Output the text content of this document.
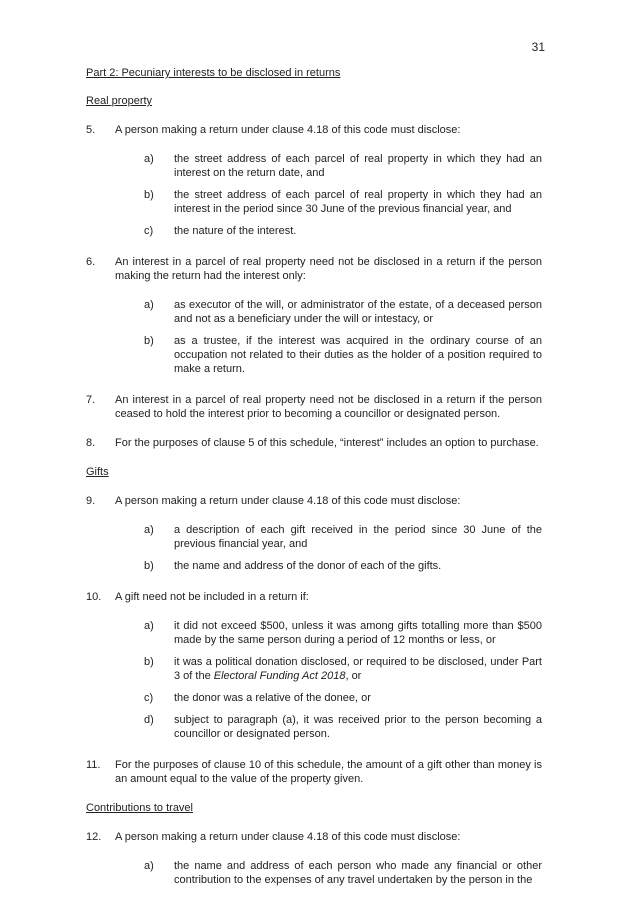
31

Part 2: Pecuniary interests to be disclosed in returns

Real property

5. A person making a return under clause 4.18 of this code must disclose:
a) the street address of each parcel of real property in which they had an interest on the return date, and
b) the street address of each parcel of real property in which they had an interest in the period since 30 June of the previous financial year, and
c) the nature of the interest.
6. An interest in a parcel of real property need not be disclosed in a return if the person making the return had the interest only:
a) as executor of the will, or administrator of the estate, of a deceased person and not as a beneficiary under the will or intestacy, or
b) as a trustee, if the interest was acquired in the ordinary course of an occupation not related to their duties as the holder of a position required to make a return.
7. An interest in a parcel of real property need not be disclosed in a return if the person ceased to hold the interest prior to becoming a councillor or designated person.
8. For the purposes of clause 5 of this schedule, “interest” includes an option to purchase.

Gifts

9. A person making a return under clause 4.18 of this code must disclose:
a) a description of each gift received in the period since 30 June of the previous financial year, and
b) the name and address of the donor of each of the gifts.
10. A gift need not be included in a return if:
a) it did not exceed $500, unless it was among gifts totalling more than $500 made by the same person during a period of 12 months or less, or
b) it was a political donation disclosed, or required to be disclosed, under Part 3 of the Electoral Funding Act 2018, or
c) the donor was a relative of the donee, or
d) subject to paragraph (a), it was received prior to the person becoming a councillor or designated person.
11. For the purposes of clause 10 of this schedule, the amount of a gift other than money is an amount equal to the value of the property given.

Contributions to travel

12. A person making a return under clause 4.18 of this code must disclose:
a) the name and address of each person who made any financial or other contribution to the expenses of any travel undertaken by the person in the
